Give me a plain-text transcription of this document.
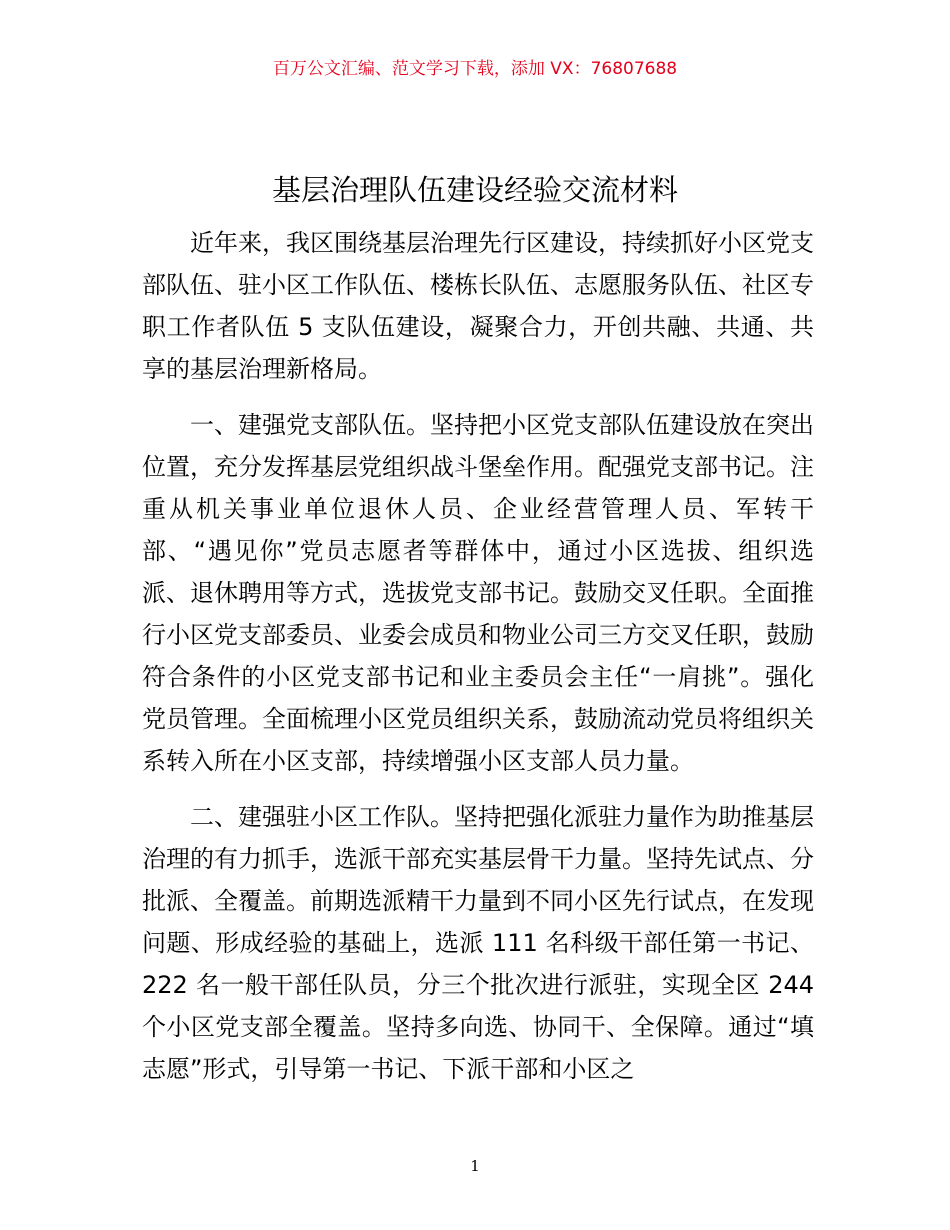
百万公文汇编、范文学习下载，添加 VX：76807688
基层治理队伍建设经验交流材料

近年来，我区围绕基层治理先行区建设，持续抓好小区党支部队伍、驻小区工作队伍、楼栋长队伍、志愿服务队伍、社区专职工作者队伍 5 支队伍建设，凝聚合力，开创共融、共通、共享的基层治理新格局。

一、建强党支部队伍。坚持把小区党支部队伍建设放在突出位置，充分发挥基层党组织战斗堡垒作用。配强党支部书记。注重从机关事业单位退休人员、企业经营管理人员、军转干部、“遇见你”党员志愿者等群体中，通过小区选拔、组织选派、退休聘用等方式，选拔党支部书记。鼓励交叉任职。全面推行小区党支部委员、业委会成员和物业公司三方交叉任职，鼓励符合条件的小区党支部书记和业主委员会主任“一肩挑”。强化党员管理。全面梳理小区党员组织关系，鼓励流动党员将组织关系转入所在小区支部，持续增强小区支部人员力量。

二、建强驻小区工作队。坚持把强化派驻力量作为助推基层治理的有力抓手，选派干部充实基层骨干力量。坚持先试点、分批派、全覆盖。前期选派精干力量到不同小区先行试点，在发现问题、形成经验的基础上，选派 111 名科级干部任第一书记、222 名一般干部任队员，分三个批次进行派驻，实现全区 244 个小区党支部全覆盖。坚持多向选、协同干、全保障。通过“填志愿”形式，引导第一书记、下派干部和小区之

1
